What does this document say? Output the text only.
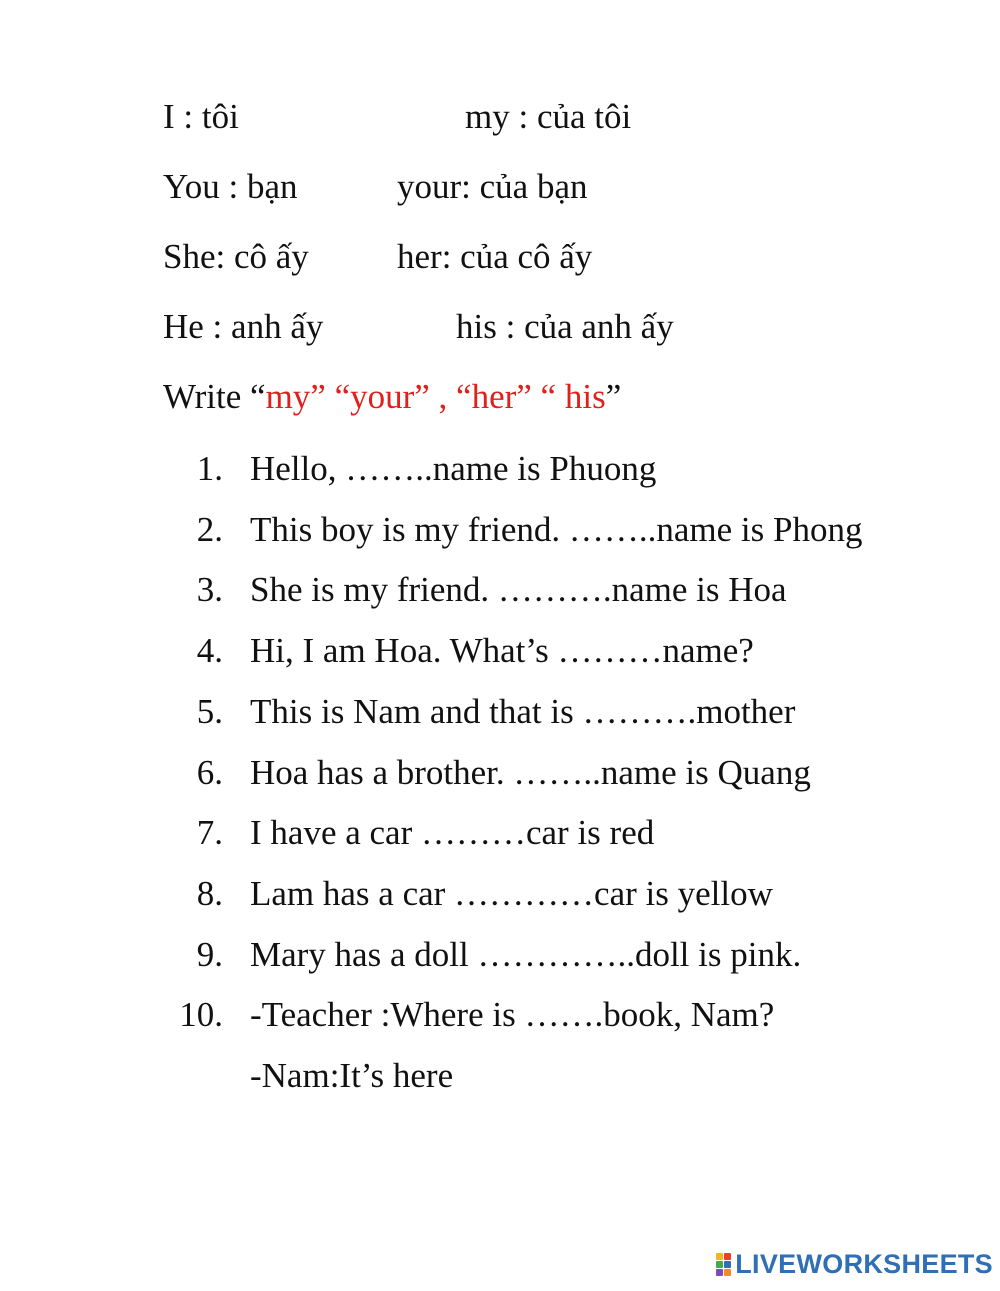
I : tôi	my : của tôi
You : bạn	your: của bạn
She: cô ấy	her: của cô ấy
He : anh ấy	his : của anh ấy
Write “my” “your” , “her” “ his”
1. Hello, ……..name is Phuong
2. This boy is my friend. ……..name is Phong
3. She is my friend. ……….name is Hoa
4. Hi, I am Hoa. What’s ………name?
5. This is Nam and that is ……….mother
6. Hoa has a brother. ……..name is Quang
7. I have a car ………car is red
8. Lam has a car …………car is yellow
9. Mary has a doll …………..doll is pink.
10. -Teacher :Where is …….book, Nam?
-Nam:It’s here
LIVEWORKSHEETS
